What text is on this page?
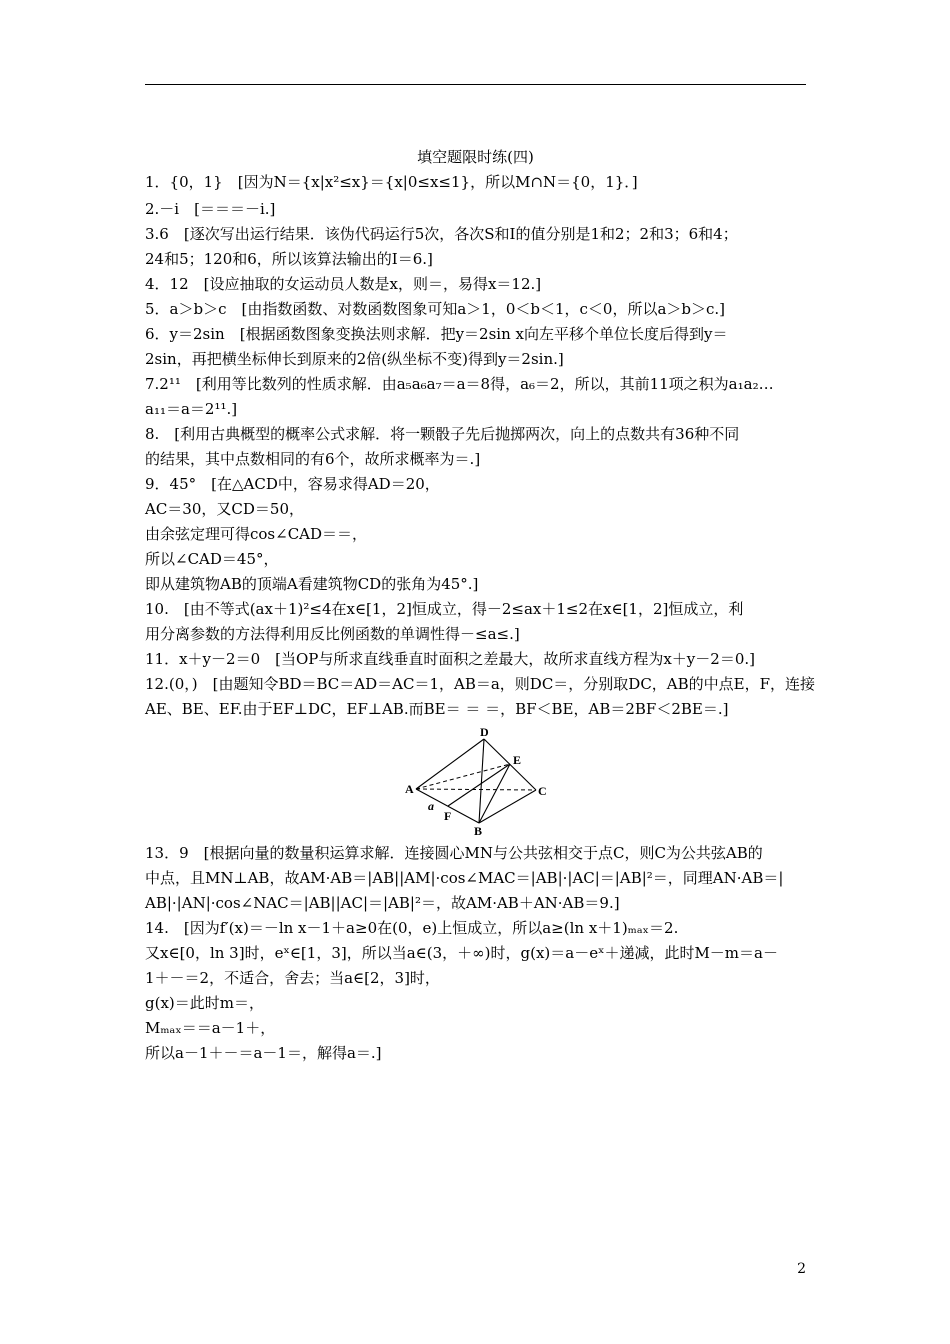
填空题限时练(四)
1．{0，1}　[因为N＝{x|x²≤x}＝{x|0≤x≤1}，所以M∩N＝{0，1}．]
2.－i　[＝＝＝－i.]
3.6　[逐次写出运行结果．该伪代码运行5次，各次S和I的值分别是1和2；2和3；6和4；
24和5；120和6，所以该算法输出的I＝6.]
4．12　[设应抽取的女运动员人数是x，则＝，易得x＝12.]
5．a＞b＞c　[由指数函数、对数函数图象可知a＞1，0＜b＜1，c＜0，所以a＞b＞c.]
6．y＝2sin　[根据函数图象变换法则求解．把y＝2sin x向左平移个单位长度后得到y＝
2sin，再把横坐标伸长到原来的2倍(纵坐标不变)得到y＝2sin.]
7.2¹¹　[利用等比数列的性质求解．由a₅a₆a₇＝a＝8得，a₆＝2，所以，其前11项之积为a₁a₂…
a₁₁＝a＝2¹¹.]
8.　[利用古典概型的概率公式求解．将一颗骰子先后抛掷两次，向上的点数共有36种不同
的结果，其中点数相同的有6个，故所求概率为＝.]
9．45°　[在△ACD中，容易求得AD＝20，
AC＝30，又CD＝50，
由余弦定理可得cos∠CAD＝＝，
所以∠CAD＝45°，
即从建筑物AB的顶端A看建筑物CD的张角为45°.]
10.　[由不等式(ax＋1)²≤4在x∈[1，2]恒成立，得－2≤ax＋1≤2在x∈[1，2]恒成立，利
用分离参数的方法得利用反比例函数的单调性得－≤a≤.]
11．x＋y－2＝0　[当OP与所求直线垂直时面积之差最大，故所求直线方程为x＋y－2＝0.]
12.(0，)　[由题知令BD＝BC＝AD＝AC＝1，AB＝a，则DC＝，分别取DC，AB的中点E，F，连接
AE、BE、EF.由于EF⊥DC，EF⊥AB.而BE＝ ＝ ＝，BF＜BE，AB＝2BF＜2BE＝.]
D
E
A	C
B
F
a
13．9　[根据向量的数量积运算求解．连接圆心MN与公共弦相交于点C，则C为公共弦AB的
中点，且MN⊥AB，故AM·AB＝|AB||AM|·cos∠MAC＝|AB|·|AC|＝|AB|²＝，同理AN·AB＝|
AB|·|AN|·cos∠NAC＝|AB||AC|＝|AB|²＝，故AM·AB＋AN·AB＝9.]
14.　[因为f′(x)＝－ln x－1＋a≥0在(0，e)上恒成立，所以a≥(ln x＋1)ₘₐₓ＝2.
又x∈[0，ln 3]时，eˣ∈[1，3]，所以当a∈(3，＋∞)时，g(x)＝a－eˣ＋递减，此时M－m＝a－
1＋－＝2，不适合，舍去；当a∈[2，3]时，
g(x)＝此时m＝，
Mₘₐₓ＝＝a－1＋，
所以a－1＋－＝a－1＝，解得a＝.]
2
